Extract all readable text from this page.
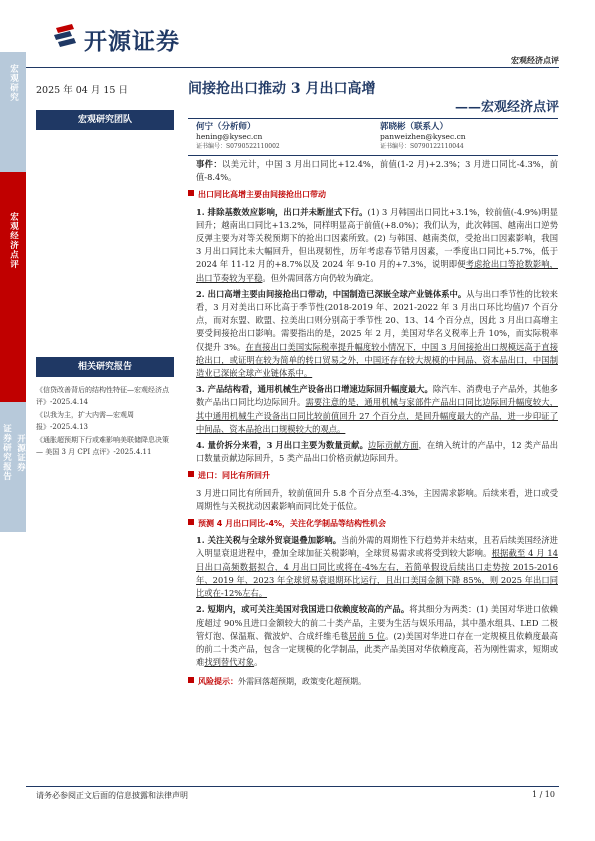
宏观研究
宏观经济点评
开源证券
证券研究报告
开源证券
宏观经济点评
2025 年 04 月 15 日	间接抢出口推动 3 月出口高增
——宏观经济点评
宏观研究团队
何宁（分析师）
hening@kysec.cn
证书编号：S0790522110002
郭晓彬（联系人）
panweizhen@kysec.cn
证书编号：S0790122110044
相关研究报告
《信贷改善背后的结构性特征—宏观经济点评》-2025.4.14
《以我为主，扩大内需—宏观周报》-2025.4.13
《通胀超预期下行或难影响美联储降息决策 — 美国 3 月 CPI 点评》-2025.4.11

事件：以美元计，中国 3 月出口同比+12.4%，前值(1-2 月)+2.3%；3 月进口同比-4.3%，前值-8.4%。

出口同比高增主要由间接抢出口带动

1. 排除基数效应影响，出口并未断崖式下行。(1) 3 月韩国出口同比+3.1%，较前值(-4.9%)明显回升；越南出口同比+13.2%，同样明显高于前值(+8.0%)；我们认为，此次韩国、越南出口逆势反弹主要为对等关税预期下的抢出口因素所致。(2) 与韩国、越南类似，受抢出口因素影响，我国 3 月出口同比未大幅回升，但出现韧性，历年考虑春节错月因素，一季度出口同比+5.7%，低于 2024 年 11-12 月的+8.7%以及 2024 年 9-10 月的+7.3%，说明即便考虑抢出口等抢数影响，出口节奏较为平稳。但外需回落方向仍较为确定。

2. 出口高增主要由间接抢出口带动，中国制造已深嵌全球产业链体系中。从与出口季节性的比较来看，3 月对美出口环比高于季节性(2018-2019 年、2021-2022 年 3 月出口环比均值)7 个百分点，而对东盟、欧盟、拉美出口则分别高于季节性 20、13、14 个百分点，因此 3 月出口高增主要受间接抢出口影响。需要指出的是，2025 年 2 月，美国对华名义税率上升 10%，而实际税率仅提升 3%。在直接出口美国实际税率提升幅度较小情况下，中国 3 月间接抢出口规模远高于直接抢出口，或证明在较为简单的转口贸易之外，中国还存在较大规模的中间品、资本品出口，中国制造业已深嵌全球产业链体系中。

3. 产品结构看，通用机械生产设备出口增速边际回升幅度最大。除汽车、消费电子产品外，其他多数产品出口同比均边际回升。需要注意的是，通用机械与家部件产品出口同比边际回升幅度较大，其中通用机械生产设备出口同比较前值回升 27 个百分点，是回升幅度最大的产品，进一步印证了中间品、资本品抢出口规模较大的观点。

4. 量价拆分来看，3 月出口主要为数量贡献。边际贡献方面，在纳入统计的产品中，12 类产品出口数量贡献边际回升，5 类产品出口价格贡献边际回升。

进口：同比有所回升

3 月进口同比有所回升，较前值回升 5.8 个百分点至-4.3%，主因需求影响。后续来看，进口或受周期性与关税扰动因素影响而同比处于低位。

预测 4 月出口同比-4%，关注化学制品等结构性机会

1. 关注关税与全球外贸衰退叠加影响。当前外需的周期性下行趋势并未结束，且若后续美国经济进入明显衰退进程中，叠加全球加征关税影响，全球贸易需求或将受到较大影响。根据截至 4 月 14 日出口高频数据拟合，4 月出口同比或将在-4%左右，若简单假设后续出口走势按 2015-2016 年、2019 年、2023 年全球贸易衰退期环比运行，且出口美国金额下降 85%，则 2025 年出口同比或在-12%左右。

2. 短期内，或可关注美国对我国进口依赖度较高的产品。将其细分为两类：(1) 美国对华进口依赖度超过 90%且进口金额较大的前二十类产品，主要为生活与娱乐用品，其中墨水组具、LED 二极管灯泡、保温瓶、微波炉、合成纤维毛毯居前 5 位。(2)美国对华进口存在一定规模且依赖度最高的前二十类产品，包含一定规模的化学制品，此类产品美国对华依赖度高，若为刚性需求，短期或难找到替代对象。

风险提示：外需回落超预期，政策变化超预期。
请务必参阅正文后面的信息披露和法律声明	1 / 10
